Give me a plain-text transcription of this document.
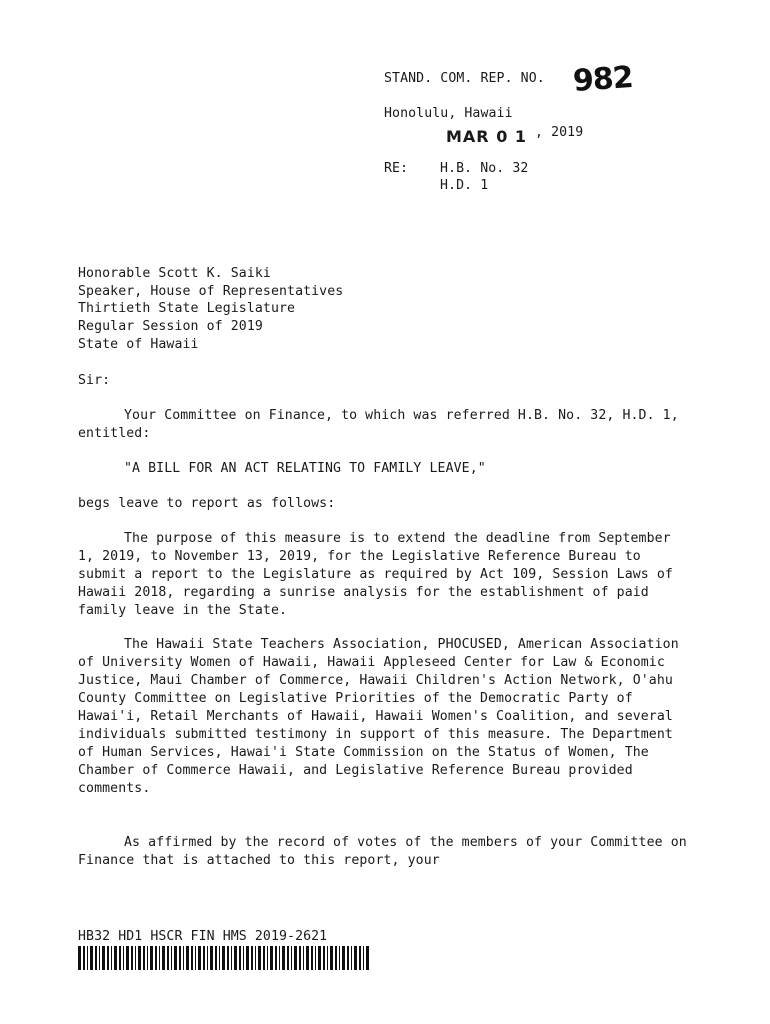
STAND. COM. REP. NO. 982
Honolulu, Hawaii
MAR 0 1 , 2019
RE: H.B. No. 32
H.D. 1
Honorable Scott K. Saiki
Speaker, House of Representatives
Thirtieth State Legislature
Regular Session of 2019
State of Hawaii
Sir:
Your Committee on Finance, to which was referred H.B. No. 32, H.D. 1, entitled:
"A BILL FOR AN ACT RELATING TO FAMILY LEAVE,"
begs leave to report as follows:
The purpose of this measure is to extend the deadline from September 1, 2019, to November 13, 2019, for the Legislative Reference Bureau to submit a report to the Legislature as required by Act 109, Session Laws of Hawaii 2018, regarding a sunrise analysis for the establishment of paid family leave in the State.
The Hawaii State Teachers Association, PHOCUSED, American Association of University Women of Hawaii, Hawaii Appleseed Center for Law & Economic Justice, Maui Chamber of Commerce, Hawaii Children's Action Network, O'ahu County Committee on Legislative Priorities of the Democratic Party of Hawai'i, Retail Merchants of Hawaii, Hawaii Women's Coalition, and several individuals submitted testimony in support of this measure. The Department of Human Services, Hawai'i State Commission on the Status of Women, The Chamber of Commerce Hawaii, and Legislative Reference Bureau provided comments.
As affirmed by the record of votes of the members of your Committee on Finance that is attached to this report, your
HB32 HD1 HSCR FIN HMS 2019-2621
